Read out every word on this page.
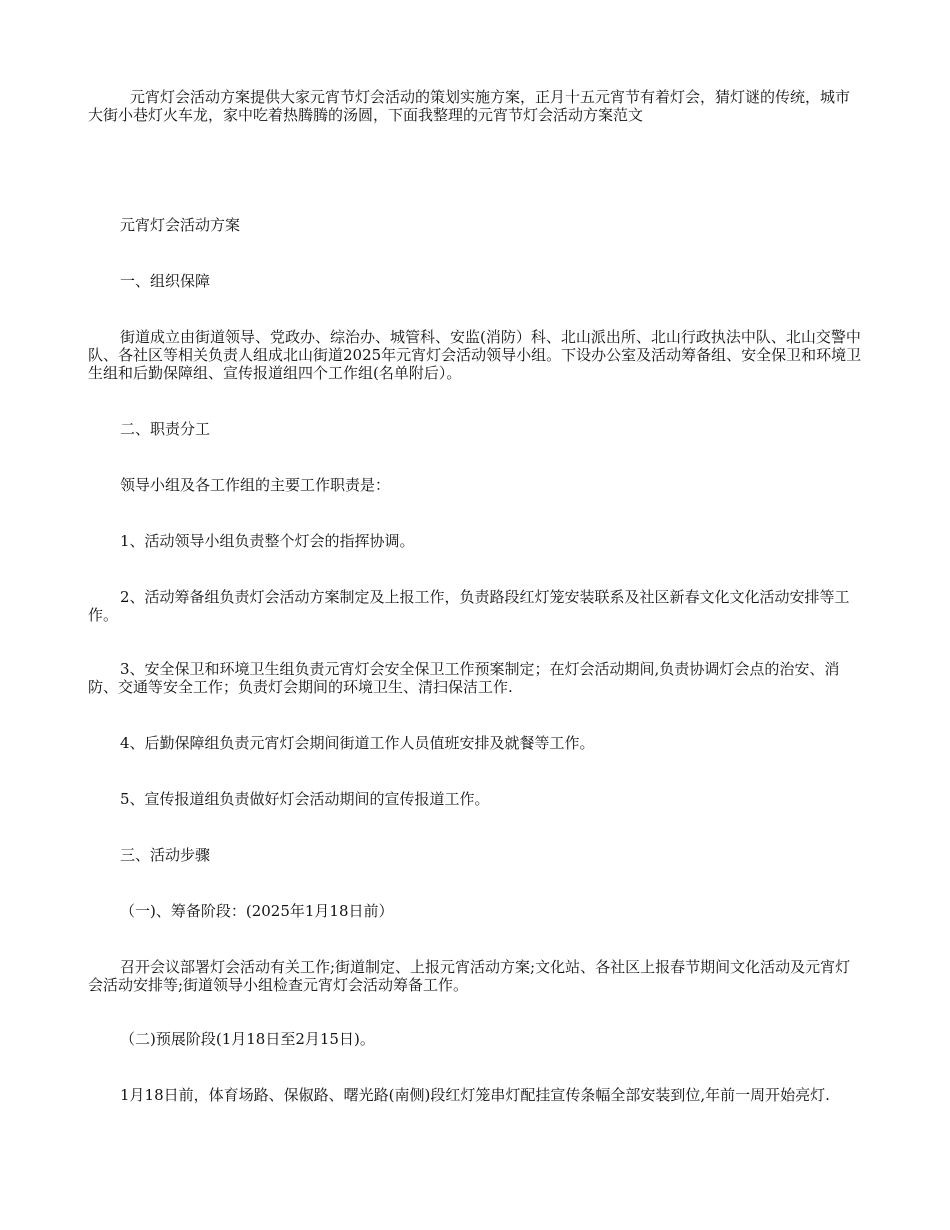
元宵灯会活动方案提供大家元宵节灯会活动的策划实施方案，正月十五元宵节有着灯会，猜灯谜的传统，城市大街小巷灯火车龙，家中吃着热腾腾的汤圆，下面我整理的元宵节灯会活动方案范文

元宵灯会活动方案

一、组织保障

街道成立由街道领导、党政办、综治办、城管科、安监(消防）科、北山派出所、北山行政执法中队、北山交警中队、各社区等相关负责人组成北山街道2025年元宵灯会活动领导小组。下设办公室及活动筹备组、安全保卫和环境卫生组和后勤保障组、宣传报道组四个工作组(名单附后）。

二、职责分工

领导小组及各工作组的主要工作职责是：

1、活动领导小组负责整个灯会的指挥协调。

2、活动筹备组负责灯会活动方案制定及上报工作，负责路段红灯笼安装联系及社区新春文化文化活动安排等工作。

3、安全保卫和环境卫生组负责元宵灯会安全保卫工作预案制定；在灯会活动期间,负责协调灯会点的治安、消防、交通等安全工作；负责灯会期间的环境卫生、清扫保洁工作.

4、后勤保障组负责元宵灯会期间街道工作人员值班安排及就餐等工作。

5、宣传报道组负责做好灯会活动期间的宣传报道工作。

三、活动步骤

（一)、筹备阶段：(2025年1月18日前）

召开会议部署灯会活动有关工作;街道制定、上报元宵活动方案;文化站、各社区上报春节期间文化活动及元宵灯会活动安排等;街道领导小组检查元宵灯会活动筹备工作。

（二)预展阶段(1月18日至2月15日)。

1月18日前，体育场路、保俶路、曙光路(南侧)段红灯笼串灯配挂宣传条幅全部安装到位,年前一周开始亮灯.
